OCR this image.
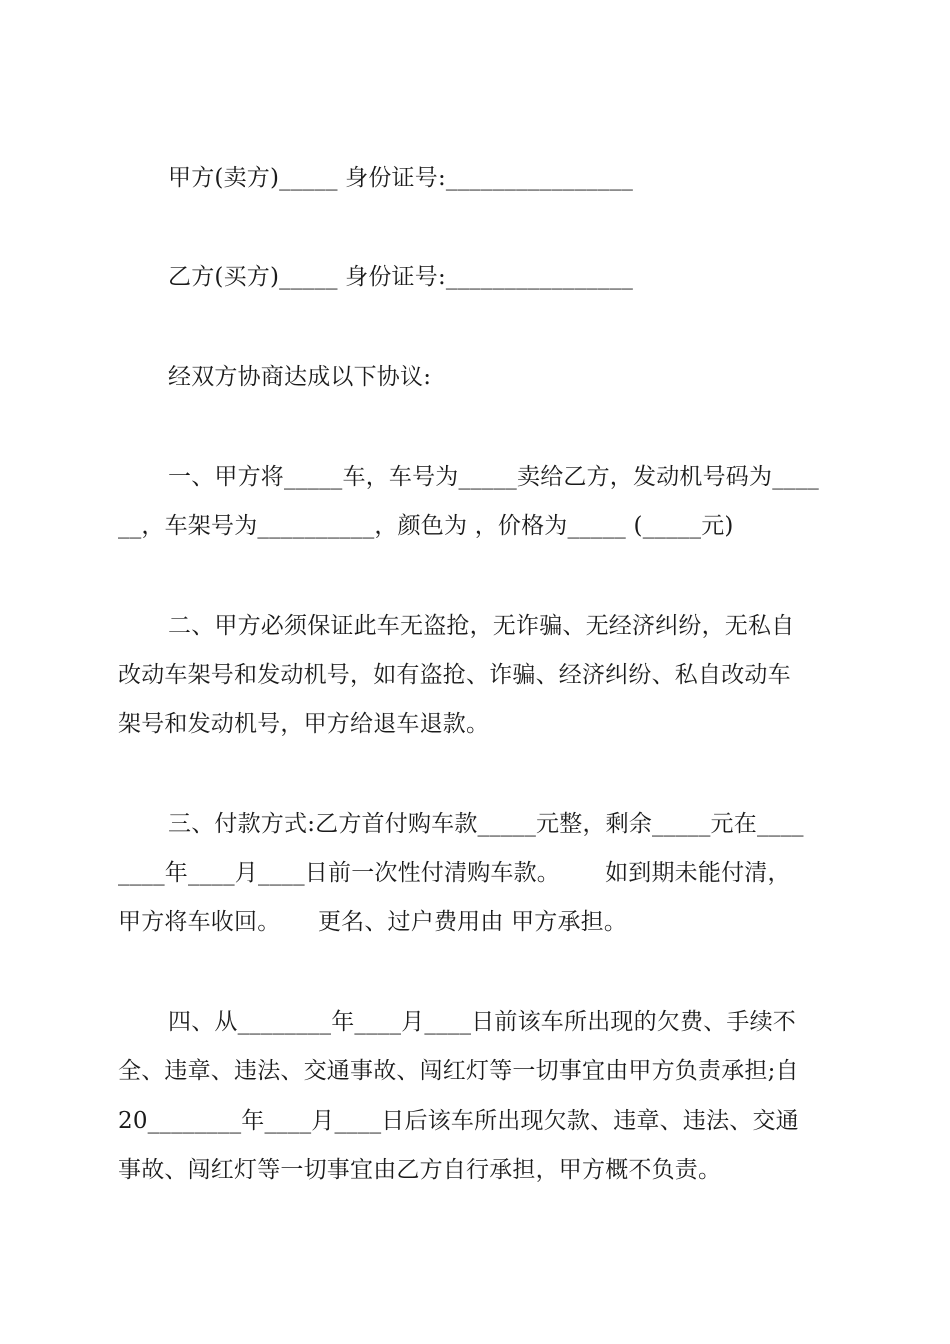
甲方(卖方)_____ 身份证号:________________
乙方(买方)_____ 身份证号:________________
经双方协商达成以下协议:
一、甲方将_____车，车号为_____卖给乙方，发动机号码为____
__，车架号为__________，颜色为 ，价格为_____ (_____元)
二、甲方必须保证此车无盗抢，无诈骗、无经济纠纷，无私自
改动车架号和发动机号，如有盗抢、诈骗、经济纠纷、私自改动车
架号和发动机号，甲方给退车退款。
三、付款方式:乙方首付购车款_____元整，剩余_____元在____
____年____月____日前一次性付清购车款。      如到期未能付清，
甲方将车收回。     更名、过户费用由 甲方承担。
四、从________年____月____日前该车所出现的欠费、手续不
全、违章、违法、交通事故、闯红灯等一切事宜由甲方负责承担;自
20________年____月____日后该车所出现欠款、违章、违法、交通
事故、闯红灯等一切事宜由乙方自行承担，甲方概不负责。
